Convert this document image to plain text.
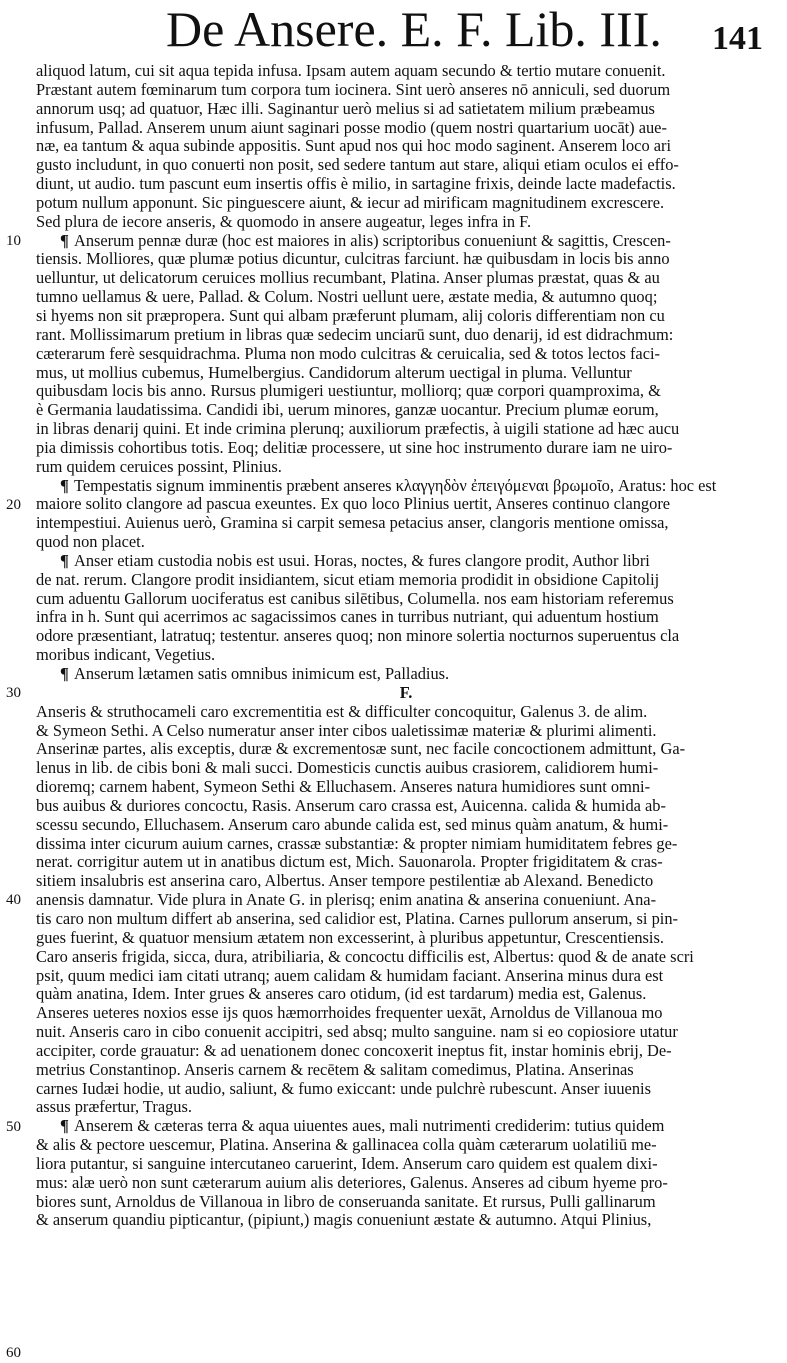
De Ansere. E. F. Lib. III. 141
aliquod latum, cui sit aqua tepida infusa. Ipsam autem aquam secundo & tertio mutare conuenit.
Præstant autem fœminarum tum corpora tum iocinera. Sint uerò anseres nō anniculi, sed duorum
annorum usq; ad quatuor, Hæc illi. Saginantur uerò melius si ad satietatem milium præbeamus
infusum, Pallad. Anserem unum aiunt saginari posse modio (quem nostri quartarium uocāt) aue-
næ, ea tantum & aqua subinde appositis. Sunt apud nos qui hoc modo saginent. Anserem loco ari
gusto includunt, in quo conuerti non posit, sed sedere tantum aut stare, aliqui etiam oculos ei effo-
diunt, ut audio. tum pascunt eum insertis offis è milio, in sartagine frixis, deinde lacte madefactis.
potum nullum apponunt. Sic pinguescere aiunt, & iecur ad mirificam magnitudinem excrescere.
Sed plura de iecore anseris, & quomodo in ansere augeatur, leges infra in F.
¶ Anserum pennæ duræ (hoc est maiores in alis) scriptoribus conueniunt & sagittis, Crescen-
tiensis. Molliores, quæ plumæ potius dicuntur, culcitras farciunt. hæ quibusdam in locis bis anno
uelluntur, ut delicatorum ceruices mollius recumbant, Platina. Anser plumas præstat, quas & au
tumno uellamus & uere, Pallad. & Colum. Nostri uellunt uere, æstate media, & autumno quoq;
si hyems non sit præpropera. Sunt qui albam præferunt plumam, alij coloris differentiam non cu
rant. Mollissimarum pretium in libras quæ sedecim unciarū sunt, duo denarij, id est didrachmum:
cæterarum ferè sesquidrachma. Pluma non modo culcitras & ceruicalia, sed & totos lectos faci-
mus, ut mollius cubemus, Humelbergius. Candidorum alterum uectigal in pluma. Velluntur
quibusdam locis bis anno. Rursus plumigeri uestiuntur, molliorq; quæ corpori quamproxima, &
è Germania laudatissima. Candidi ibi, uerum minores, ganzæ uocantur. Precium plumæ eorum,
in libras denarij quini. Et inde crimina plerunq; auxiliorum præfectis, à uigili statione ad hæc aucu
pia dimissis cohortibus totis. Eoq; delitiæ processere, ut sine hoc instrumento durare iam ne uiro-
rum quidem ceruices possint, Plinius.
¶ Tempestatis signum imminentis præbent anseres κλαγγηδὸν ἐπειγόμεναι βρωμοῖο, Aratus: hoc est
maiore solito clangore ad pascua exeuntes. Ex quo loco Plinius uertit, Anseres continuo clangore
intempestiui. Auienus uerò, Gramina si carpit semesa petacius anser, clangoris mentione omissa,
quod non placet.
¶ Anser etiam custodia nobis est usui. Horas, noctes, & fures clangore prodit, Author libri
de nat. rerum. Clangore prodit insidiantem, sicut etiam memoria prodidit in obsidione Capitolij
cum aduentu Gallorum uociferatus est canibus silētibus, Columella. nos eam historiam referemus
infra in h. Sunt qui acerrimos ac sagacissimos canes in turribus nutriant, qui aduentum hostium
odore præsentiant, latratuq; testentur. anseres quoq; non minore solertia nocturnos superuentus cla
moribus indicant, Vegetius.
¶ Anserum lætamen satis omnibus inimicum est, Palladius.
F.
Anseris & struthocameli caro excrementitia est & difficulter concoquitur, Galenus 3. de alim.
& Symeon Sethi. A Celso numeratur anser inter cibos ualetissimæ materiæ & plurimi alimenti.
Anserinæ partes, alis exceptis, duræ & excrementosæ sunt, nec facile concoctionem admittunt, Ga-
lenus in lib. de cibis boni & mali succi. Domesticis cunctis auibus crasiorem, calidiorem humi-
dioremq; carnem habent, Symeon Sethi & Elluchasem. Anseres natura humidiores sunt omni-
bus auibus & duriores concoctu, Rasis. Anserum caro crassa est, Auicenna. calida & humida ab-
scessu secundo, Elluchasem. Anserum caro abunde calida est, sed minus quàm anatum, & humi-
dissima inter cicurum auium carnes, crassæ substantiæ: & propter nimiam humiditatem febres ge-
nerat. corrigitur autem ut in anatibus dictum est, Mich. Sauonarola. Propter frigiditatem & cras-
sitiem insalubris est anserina caro, Albertus. Anser tempore pestilentiæ ab Alexand. Benedicto
anensis damnatur. Vide plura in Anate G. in plerisq; enim anatina & anserina conueniunt. Ana-
tis caro non multum differt ab anserina, sed calidior est, Platina. Carnes pullorum anserum, si pin-
gues fuerint, & quatuor mensium ætatem non excesserint, à pluribus appetuntur, Crescentiensis.
Caro anseris frigida, sicca, dura, atribiliaria, & concoctu difficilis est, Albertus: quod & de anate scri
psit, quum medici iam citati utranq; auem calidam & humidam faciant. Anserina minus dura est
quàm anatina, Idem. Inter grues & anseres caro otidum, (id est tardarum) media est, Galenus.
Anseres ueteres noxios esse ijs quos hæmorrhoides frequenter uexāt, Arnoldus de Villanoua mo
nuit. Anseris caro in cibo conuenit accipitri, sed absq; multo sanguine. nam si eo copiosiore utatur
accipiter, corde grauatur: & ad uenationem donec concoxerit ineptus fit, instar hominis ebrij, De-
metrius Constantinop. Anseris carnem & recētem & salitam comedimus, Platina. Anserinas
carnes Iudæi hodie, ut audio, saliunt, & fumo exiccant: unde pulchrè rubescunt. Anser iuuenis
assus præfertur, Tragus.
¶ Anserem & cæteras terra & aqua uiuentes aues, mali nutrimenti crediderim: tutius quidem
& alis & pectore uescemur, Platina. Anserina & gallinacea colla quàm cæterarum uolatiliū me-
liora putantur, si sanguine intercutaneo caruerint, Idem. Anserum caro quidem est qualem dixi-
mus: alæ uerò non sunt cæterarum auium alis deteriores, Galenus. Anseres ad cibum hyeme pro-
biores sunt, Arnoldus de Villanoua in libro de conseruanda sanitate. Et rursus, Pulli gallinarum
& anserum quandiu pipticantur, (pipiunt,) magis conueniunt æstate & autumno. Atqui Plinius,
10
20
30
40
50
60
